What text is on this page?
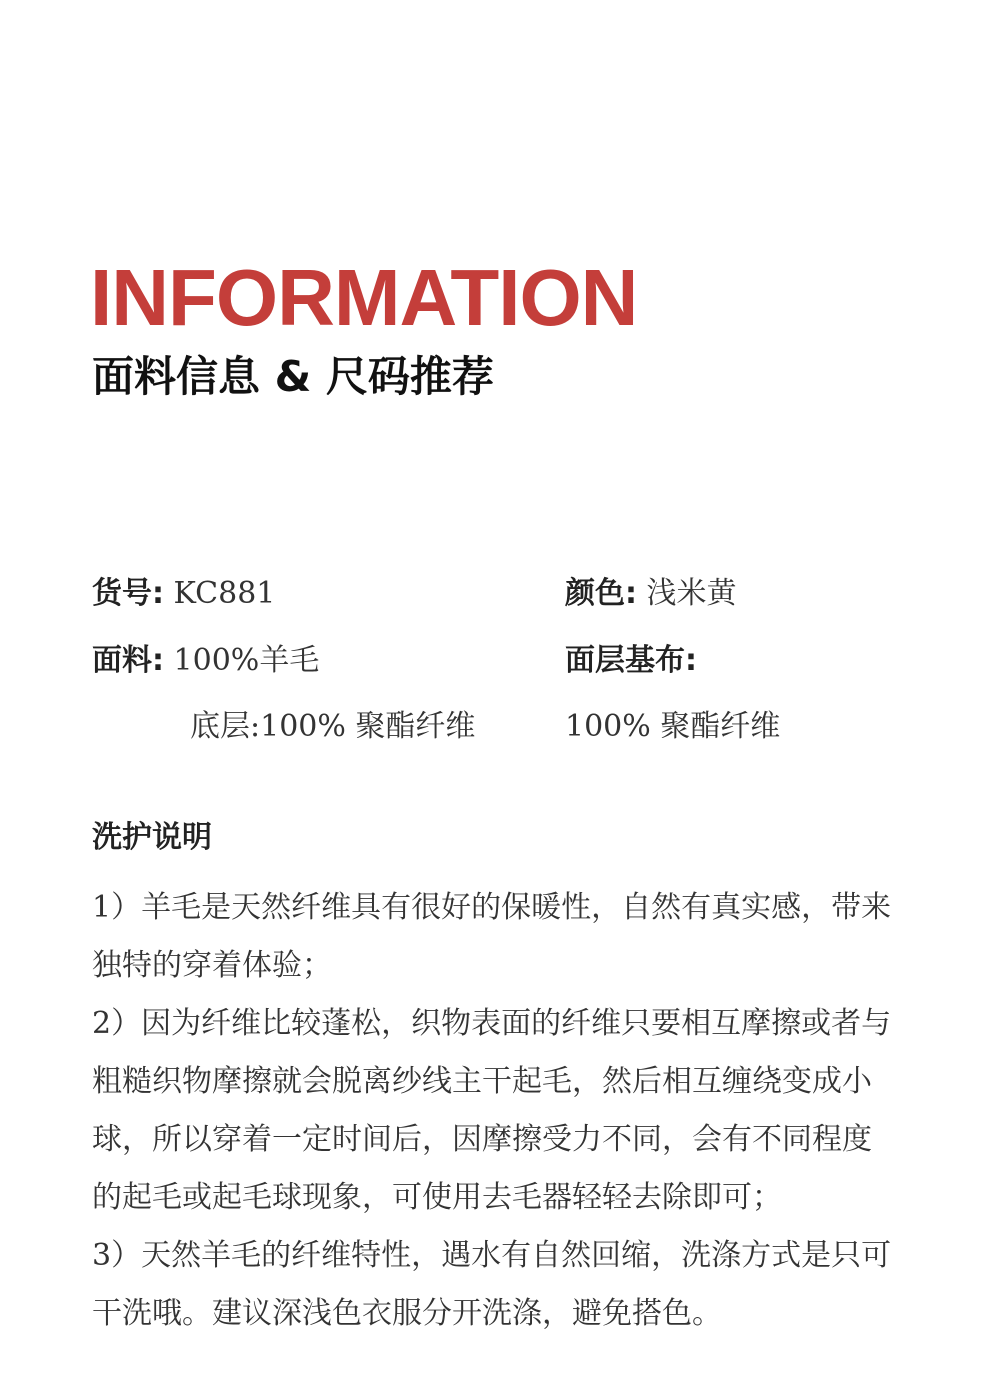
INFORMATION
面料信息 & 尺码推荐
货号: KC881	颜色: 浅米黄
面料: 100%羊毛	面层基布:
底层:100% 聚酯纤维	100% 聚酯纤维
洗护说明

1）羊毛是天然纤维具有很好的保暖性，自然有真实感，带来独特的穿着体验；

2）因为纤维比较蓬松，织物表面的纤维只要相互摩擦或者与粗糙织物摩擦就会脱离纱线主干起毛，然后相互缠绕变成小球，所以穿着一定时间后，因摩擦受力不同，会有不同程度的起毛或起毛球现象，可使用去毛器轻轻去除即可；

3）天然羊毛的纤维特性，遇水有自然回缩，洗涤方式是只可干洗哦。建议深浅色衣服分开洗涤，避免搭色。
